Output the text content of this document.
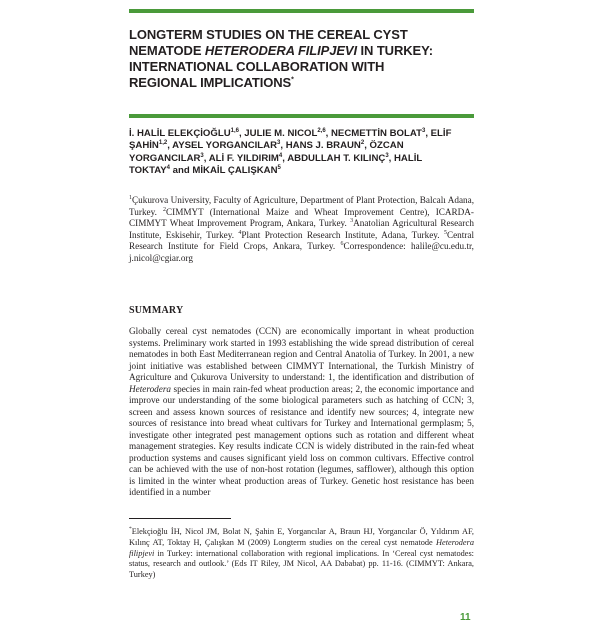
LONGTERM STUDIES ON THE CEREAL CYST
NEMATODE HETERODERA FILIPJEVI IN TURKEY:
INTERNATIONAL COLLABORATION WITH
REGIONAL IMPLICATIONS*
İ. HALİL ELEKÇİOĞLU$^{1,6}$, JULIE M. NICOL$^{2,6}$, NECMETTİN BOLAT$^3$, ELİF
ŞAHİN$^{1,2}$, AYSEL YORGANCILAR$^3$, HANS J. BRAUN$^2$, ÖZCAN
YORGANCILAR$^3$, ALİ F. YILDIRIM$^4$, ABDULLAH T. KILINÇ$^3$, HALİL
TOKTAY$^4$ and MİKAİL ÇALIŞKAN$^5$
$^1$Çukurova University, Faculty of Agriculture, Department of Plant Protection, Balcalı Adana, Turkey. $^2$CIMMYT (International Maize and Wheat Improvement Centre), ICARDA-CIMMYT Wheat Improvement Program, Ankara, Turkey. $^3$Anatolian Agricultural Research Institute, Eskisehir, Turkey. $^4$Plant Protection Research Institute, Adana, Turkey. $^5$Central Research Institute for Field Crops, Ankara, Turkey. $^6$Correspondence: halile@cu.edu.tr, j.nicol@cgiar.org
SUMMARY
Globally cereal cyst nematodes (CCN) are economically important in wheat production systems. Preliminary work started in 1993 establishing the wide spread distribution of cereal nematodes in both East Mediterranean region and Central Anatolia of Turkey. In 2001, a new joint initiative was established between CIMMYT International, the Turkish Ministry of Agriculture and Çukurova University to understand: 1, the identification and distribution of Heterodera species in main rain-fed wheat production areas; 2, the economic importance and improve our understanding of the some biological parameters such as hatching of CCN; 3, screen and assess known sources of resistance and identify new sources; 4, integrate new sources of resistance into bread wheat cultivars for Turkey and International germplasm; 5, investigate other integrated pest management options such as rotation and different wheat management strategies. Key results indicate CCN is widely distributed in the rain-fed wheat production systems and causes significant yield loss on common cultivars. Effective control can be achieved with the use of non-host rotation (legumes, safflower), although this option is limited in the winter wheat production areas of Turkey. Genetic host resistance has been identified in a number
*Elekçioğlu İH, Nicol JM, Bolat N, Şahin E, Yorgancılar A, Braun HJ, Yorgancılar Ö, Yıldırım AF, Kılınç AT, Toktay H, Çalışkan M (2009) Longterm studies on the cereal cyst nematode Heterodera filipjevi in Turkey: international collaboration with regional implications. In ‘Cereal cyst nematodes: status, research and outlook.’ (Eds IT Riley, JM Nicol, AA Dababat) pp. 11-16. (CIMMYT: Ankara, Turkey)
11
